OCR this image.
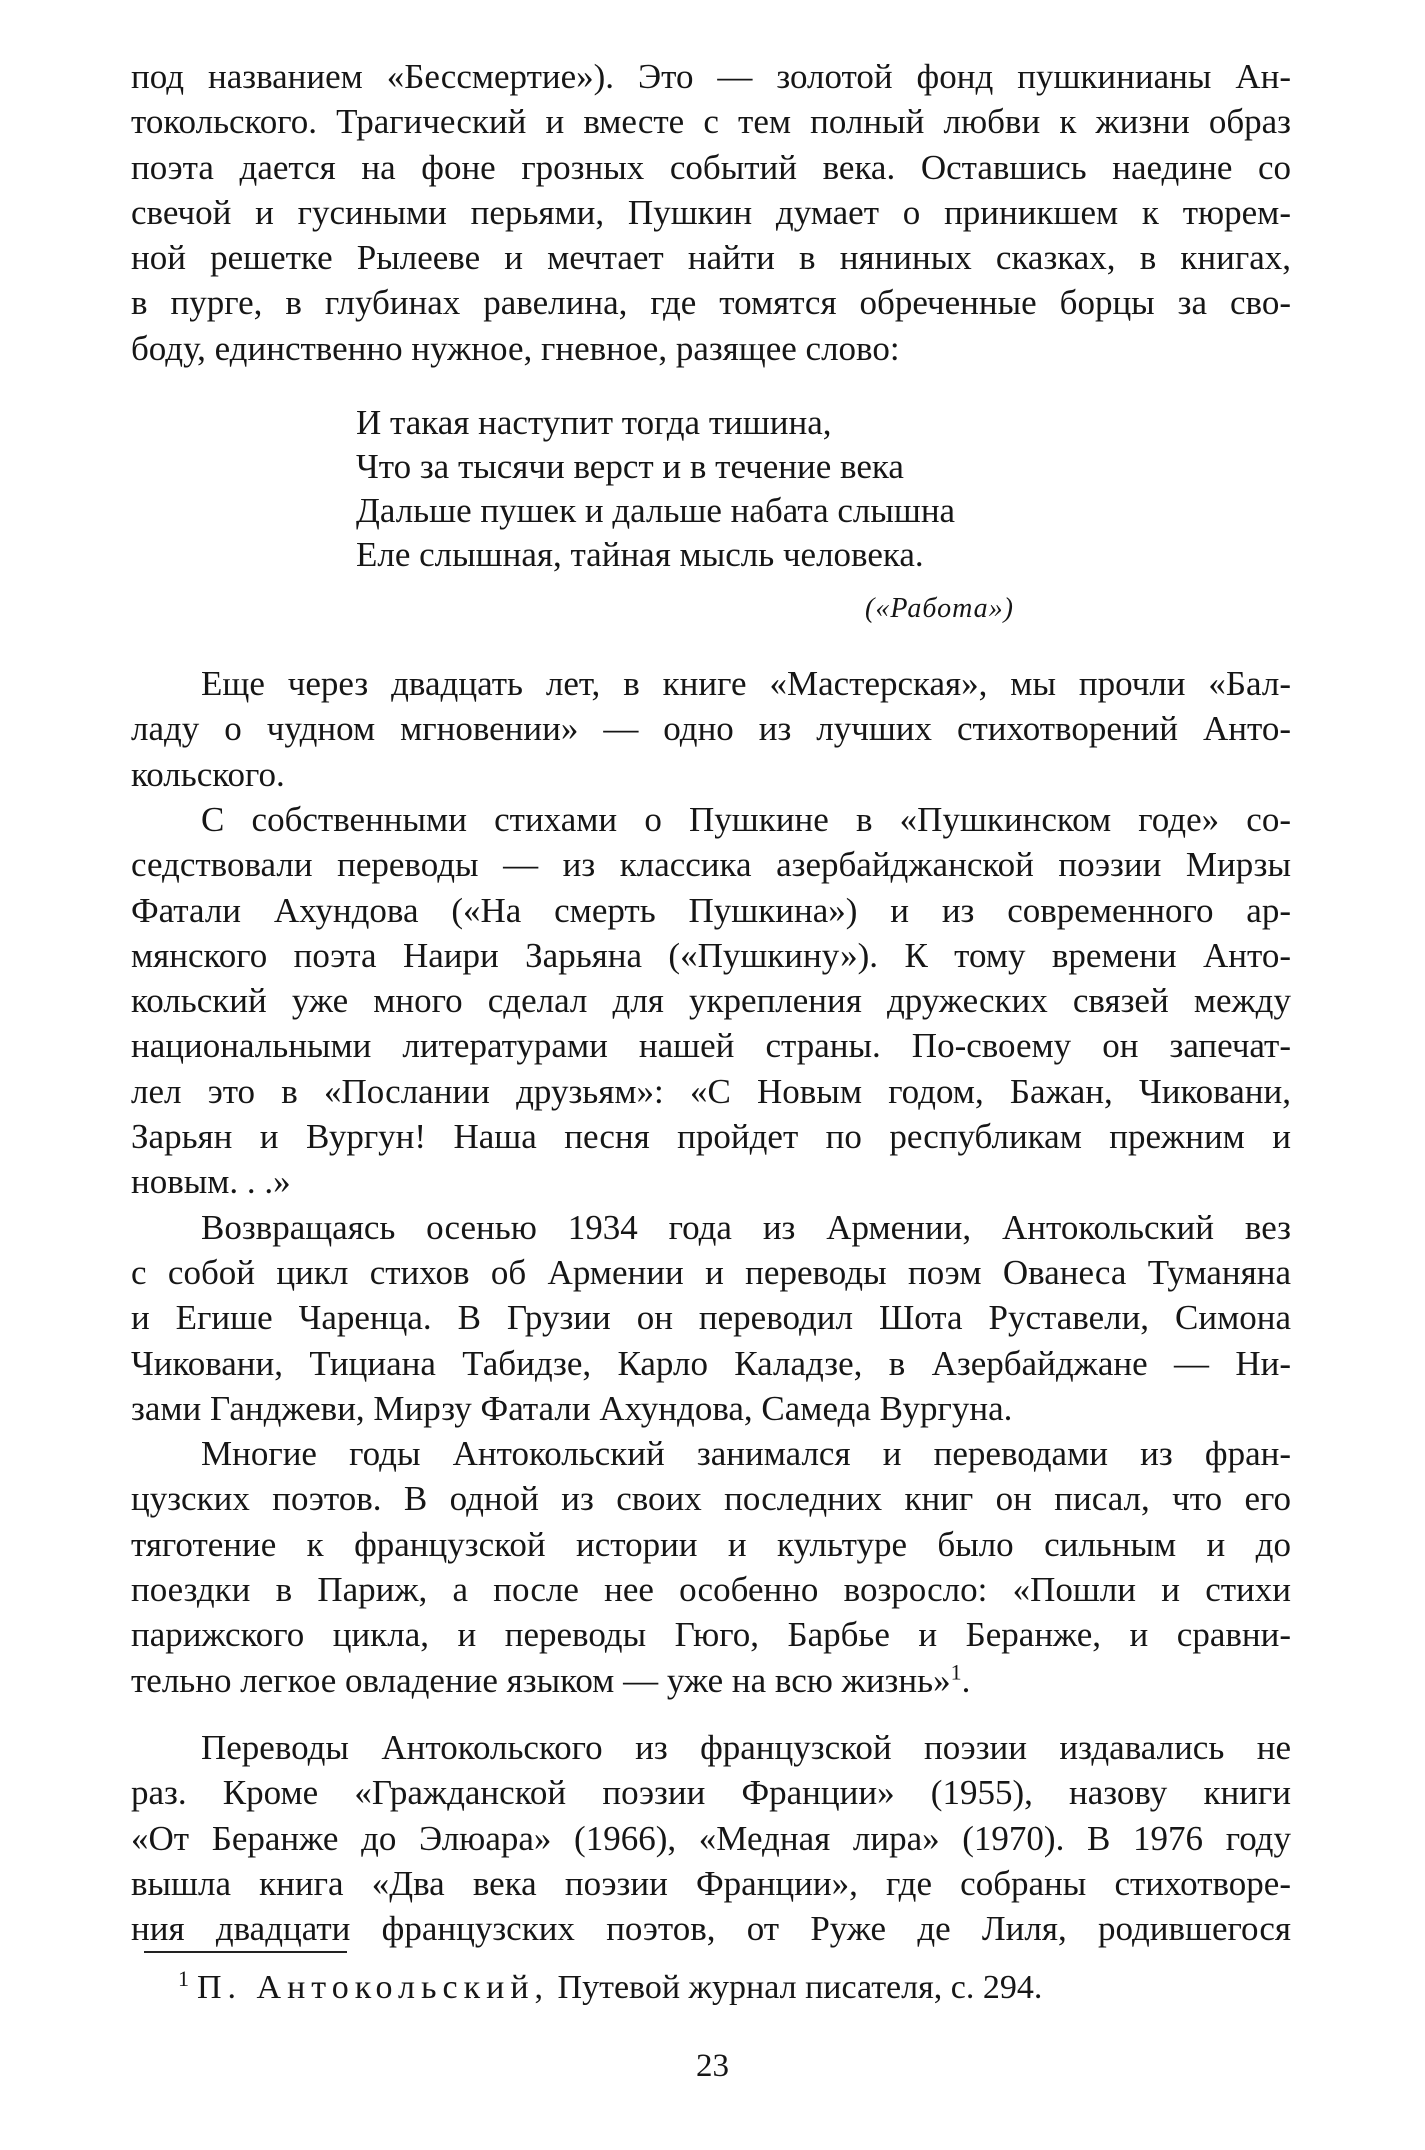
под названием «Бессмертие»). Это — золотой фонд пушкинианы Ан-
токольского. Трагический и вместе с тем полный любви к жизни образ
поэта дается на фоне грозных событий века. Оставшись наедине со
свечой и гусиными перьями, Пушкин думает о приникшем к тюрем-
ной решетке Рылееве и мечтает найти в няниных сказках, в книгах,
в пурге, в глубинах равелина, где томятся обреченные борцы за сво-
боду, единственно нужное, гневное, разящее слово:

И такая наступит тогда тишина,
Что за тысячи верст и в течение века
Дальше пушек и дальше набата слышна
Еле слышная, тайная мысль человека.
(«Работа»)

Еще через двадцать лет, в книге «Мастерская», мы прочли «Бал-
ладу о чудном мгновении» — одно из лучших стихотворений Анто-
кольского.

С собственными стихами о Пушкине в «Пушкинском годе» со-
седствовали переводы — из классика азербайджанской поэзии Мирзы
Фатали Ахундова («На смерть Пушкина») и из современного ар-
мянского поэта Наири Зарьяна («Пушкину»). К тому времени Анто-
кольский уже много сделал для укрепления дружеских связей между
национальными литературами нашей страны. По-своему он запечат-
лел это в «Послании друзьям»: «С Новым годом, Бажан, Чиковани,
Зарьян и Вургун! Наша песня пройдет по республикам прежним и
новым. . .»

Возвращаясь осенью 1934 года из Армении, Антокольский вез
с собой цикл стихов об Армении и переводы поэм Ованеса Туманяна
и Егише Чаренца. В Грузии он переводил Шота Руставели, Симона
Чиковани, Тициана Табидзе, Карло Каладзе, в Азербайджане — Ни-
зами Ганджеви, Мирзу Фатали Ахундова, Самеда Вургуна.

Многие годы Антокольский занимался и переводами из фран-
цузских поэтов. В одной из своих последних книг он писал, что его
тяготение к французской истории и культуре было сильным и до
поездки в Париж, а после нее особенно возросло: «Пошли и стихи
парижского цикла, и переводы Гюго, Барбье и Беранже, и сравни-
тельно легкое овладение языком — уже на всю жизнь»$^1$.

Переводы Антокольского из французской поэзии издавались не
раз. Кроме «Гражданской поэзии Франции» (1955), назову книги
«От Беранже до Элюара» (1966), «Медная лира» (1970). В 1976 году
вышла книга «Два века поэзии Франции», где собраны стихотворе-
ния двадцати французских поэтов, от Руже де Лиля, родившегося

$^1$ П. Антокольский, Путевой журнал писателя, с. 294.
23
